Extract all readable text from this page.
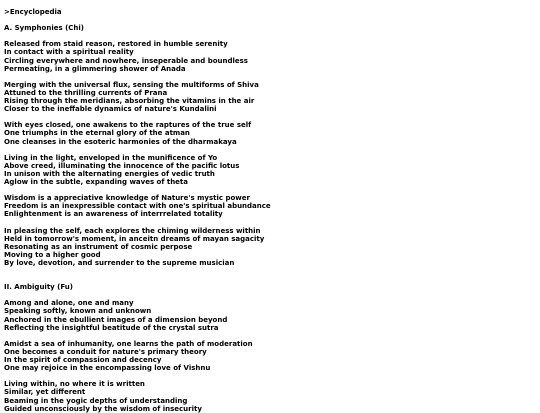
>Encyclopedia
A. Symphonies (Chi)
Released from staid reason, restored in humble serenity
In contact with a spiritual reality
Circling everywhere and nowhere, inseperable and boundless
Permeating, in a glimmering shower of Anada
Merging with the universal flux, sensing the multiforms of Shiva
Attuned to the thrilling currents of Prana
Rising through the meridians, absorbing the vitamins in the air
Closer to the ineffable dynamics of nature's Kundalini
With eyes closed, one awakens to the raptures of the true self
One triumphs in the eternal glory of the atman
One cleanses in the esoteric harmonies of the dharmakaya
Living in the light, enveloped in the munificence of Yo
Above creed, illuminating the innocence of the pacific lotus
In unison with the alternating energies of vedic truth
Aglow in the subtle, expanding waves of theta
Wisdom is a appreciative knowledge of Nature's mystic power
Freedom is an inexpressible contact with one's spiritual abundance
Enlightenment is an awareness of interrrelated totality
In pleasing the self, each explores the chiming wilderness within
Held in tomorrow's moment, in anceitn dreams of mayan sagacity
Resonating as an instrument of cosmic perpose
Moving to a higher good
By love, devotion, and surrender to the supreme musician
II. Ambiguity (Fu)
Among and alone, one and many
Speaking softly, known and unknown
Anchored in the ebullient images of a dimension beyond
Reflecting the insightful beatitude of the crystal sutra
Amidst a sea of inhumanity, one learns the path of moderation
One becomes a conduit for nature's primary theory
In the spirit of compassion and decency
One may rejoice in the encompassing love of Vishnu
Living within, no where it is written
Similar, yet different
Beaming in the yogic depths of understanding
Guided unconsciously by the wisdom of insecurity
